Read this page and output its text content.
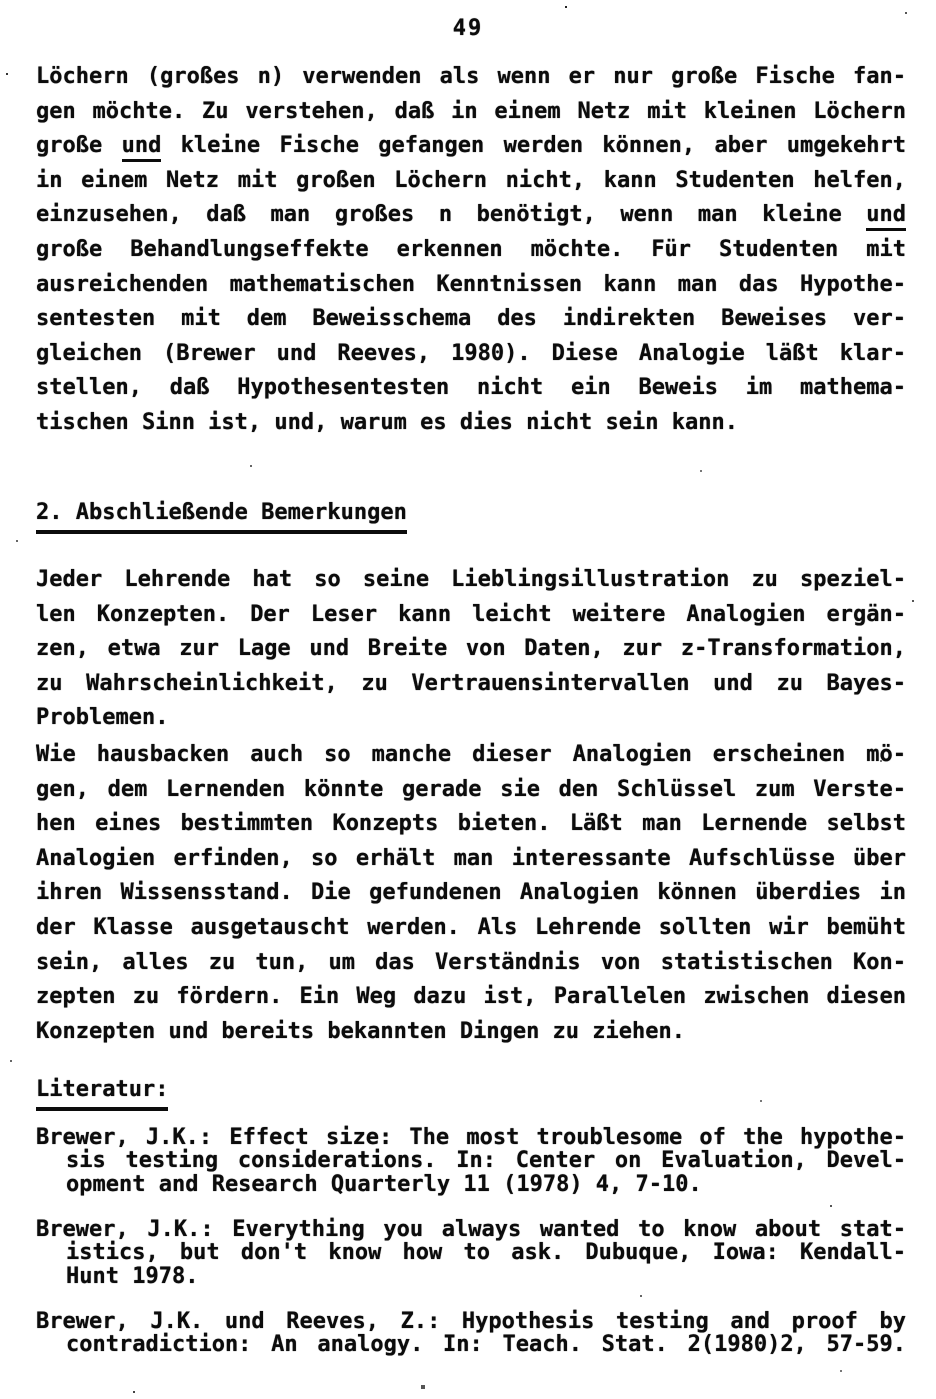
49
Löchern (großes n) verwenden als wenn er nur große Fische fan-
gen möchte. Zu verstehen, daß in einem Netz mit kleinen Löchern
große und kleine Fische gefangen werden können, aber umgekehrt
in einem Netz mit großen Löchern nicht, kann Studenten helfen,
einzusehen, daß man großes n benötigt, wenn man kleine und
große Behandlungseffekte erkennen möchte. Für Studenten mit
ausreichenden mathematischen Kenntnissen kann man das Hypothe-
sentesten mit dem Beweisschema des indirekten Beweises ver-
gleichen (Brewer und Reeves, 1980). Diese Analogie läßt klar-
stellen, daß Hypothesentesten nicht ein Beweis im mathema-
tischen Sinn ist, und, warum es dies nicht sein kann.
2. Abschließende Bemerkungen
Jeder Lehrende hat so seine Lieblingsillustration zu speziel-
len Konzepten. Der Leser kann leicht weitere Analogien ergän-
zen, etwa zur Lage und Breite von Daten, zur z-Transformation,
zu Wahrscheinlichkeit, zu Vertrauensintervallen und zu Bayes-
Problemen.
Wie hausbacken auch so manche dieser Analogien erscheinen mö-
gen, dem Lernenden könnte gerade sie den Schlüssel zum Verste-
hen eines bestimmten Konzepts bieten. Läßt man Lernende selbst
Analogien erfinden, so erhält man interessante Aufschlüsse über
ihren Wissensstand. Die gefundenen Analogien können überdies in
der Klasse ausgetauscht werden. Als Lehrende sollten wir bemüht
sein, alles zu tun, um das Verständnis von statistischen Kon-
zepten zu fördern. Ein Weg dazu ist, Parallelen zwischen diesen
Konzepten und bereits bekannten Dingen zu ziehen.
Literatur:
Brewer, J.K.: Effect size: The most troublesome of the hypothe-
sis testing considerations. In: Center on Evaluation, Devel-
opment and Research Quarterly 11 (1978) 4, 7-10.
Brewer, J.K.: Everything you always wanted to know about stat-
istics, but don't know how to ask. Dubuque, Iowa: Kendall-
Hunt 1978.
Brewer, J.K. und Reeves, Z.: Hypothesis testing and proof by
contradiction: An analogy. In: Teach. Stat. 2(1980)2, 57-59.
